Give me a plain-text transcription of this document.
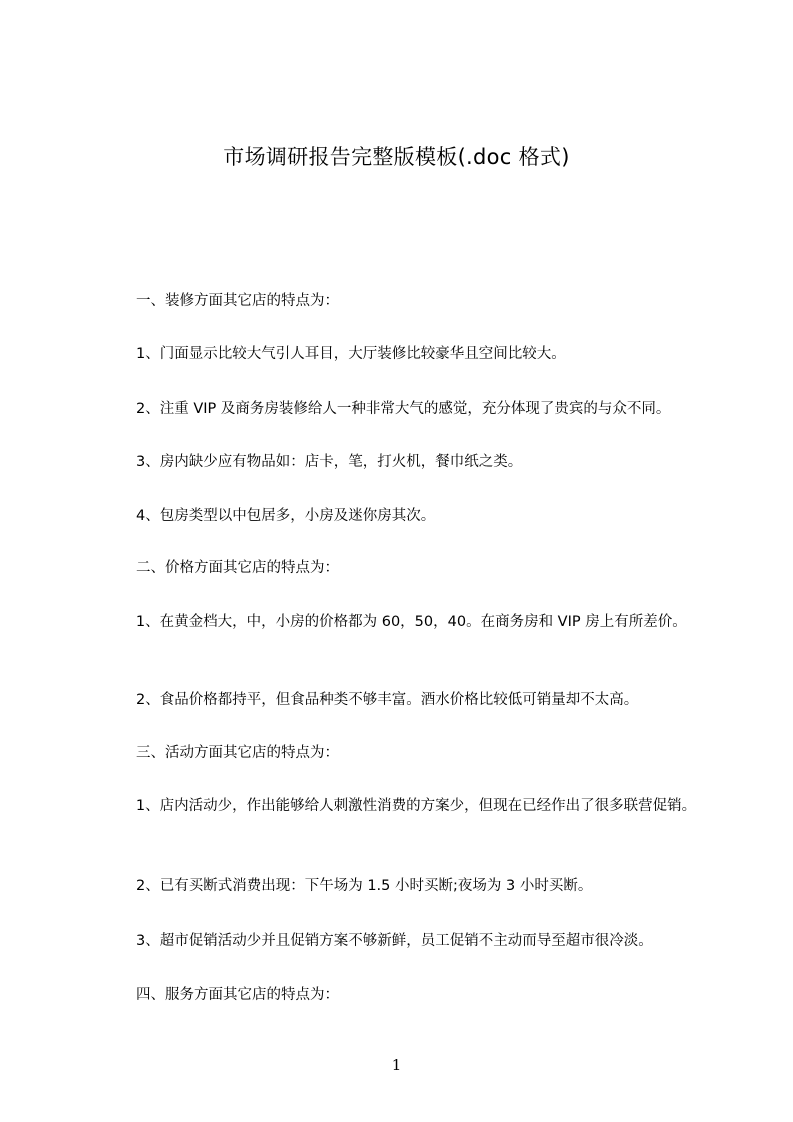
市场调研报告完整版模板(.doc 格式)
一、装修方面其它店的特点为：
1、门面显示比较大气引人耳目，大厅装修比较豪华且空间比较大。
2、注重 VIP 及商务房装修给人一种非常大气的感觉，充分体现了贵宾的与众不同。
3、房内缺少应有物品如：店卡，笔，打火机，餐巾纸之类。
4、包房类型以中包居多，小房及迷你房其次。
二、价格方面其它店的特点为：
1、在黄金档大，中，小房的价格都为 60，50，40。在商务房和 VIP 房上有所差价。
2、食品价格都持平，但食品种类不够丰富。酒水价格比较低可销量却不太高。
三、活动方面其它店的特点为：
1、店内活动少，作出能够给人刺激性消费的方案少，但现在已经作出了很多联营促销。
2、已有买断式消费出现：下午场为 1.5 小时买断;夜场为 3 小时买断。
3、超市促销活动少并且促销方案不够新鲜，员工促销不主动而导至超市很冷淡。
四、服务方面其它店的特点为：
1
